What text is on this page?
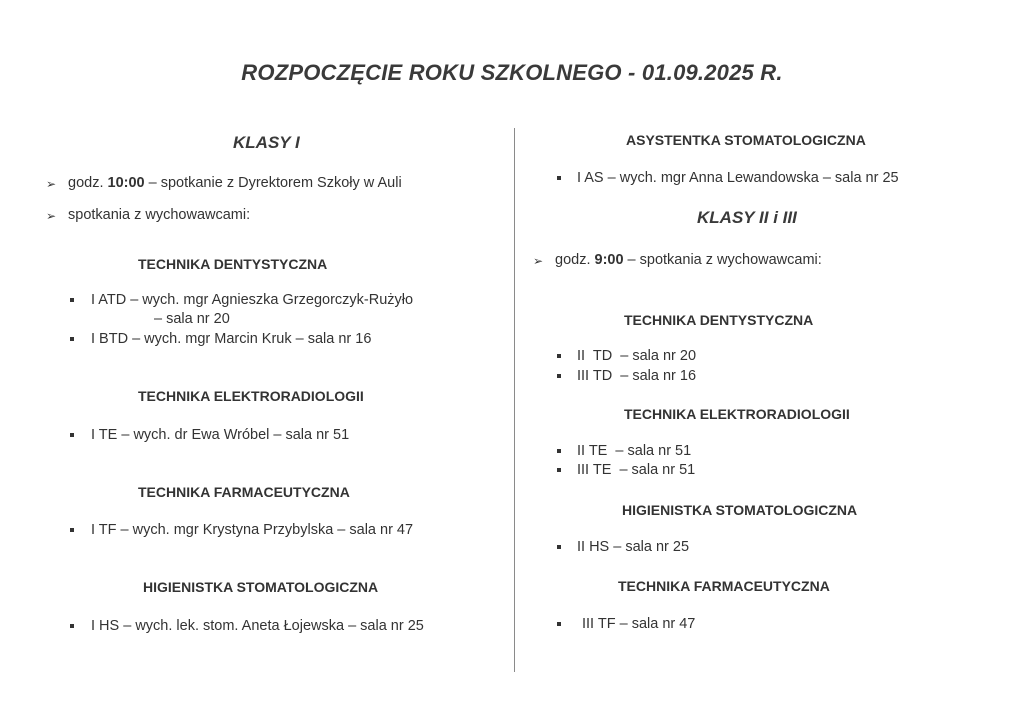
ROZPOCZĘCIE ROKU SZKOLNEGO - 01.09.2025 R.
KLASY I
➢ godz. 10:00 – spotkanie z Dyrektorem Szkoły w Auli
➢ spotkania z wychowawcami:
TECHNIKA DENTYSTYCZNA
I ATD – wych. mgr Agnieszka Grzegorczyk-Rużyło
– sala nr 20
I BTD – wych. mgr Marcin Kruk – sala nr 16
TECHNIKA ELEKTRORADIOLOGII
I TE – wych. dr Ewa Wróbel – sala nr 51
TECHNIKA FARMACEUTYCZNA
I TF – wych. mgr Krystyna Przybylska – sala nr 47
HIGIENISTKA STOMATOLOGICZNA
I HS – wych. lek. stom. Aneta Łojewska – sala nr 25
ASYSTENTKA STOMATOLOGICZNA
I AS – wych. mgr Anna Lewandowska – sala nr 25
KLASY II i III
➢ godz. 9:00 – spotkania z wychowawcami:
TECHNIKA DENTYSTYCZNA
II  TD  – sala nr 20
III TD  – sala nr 16
TECHNIKA ELEKTRORADIOLOGII
II TE  – sala nr 51
III TE  – sala nr 51
HIGIENISTKA STOMATOLOGICZNA
II HS – sala nr 25
TECHNIKA FARMACEUTYCZNA
III TF – sala nr 47
